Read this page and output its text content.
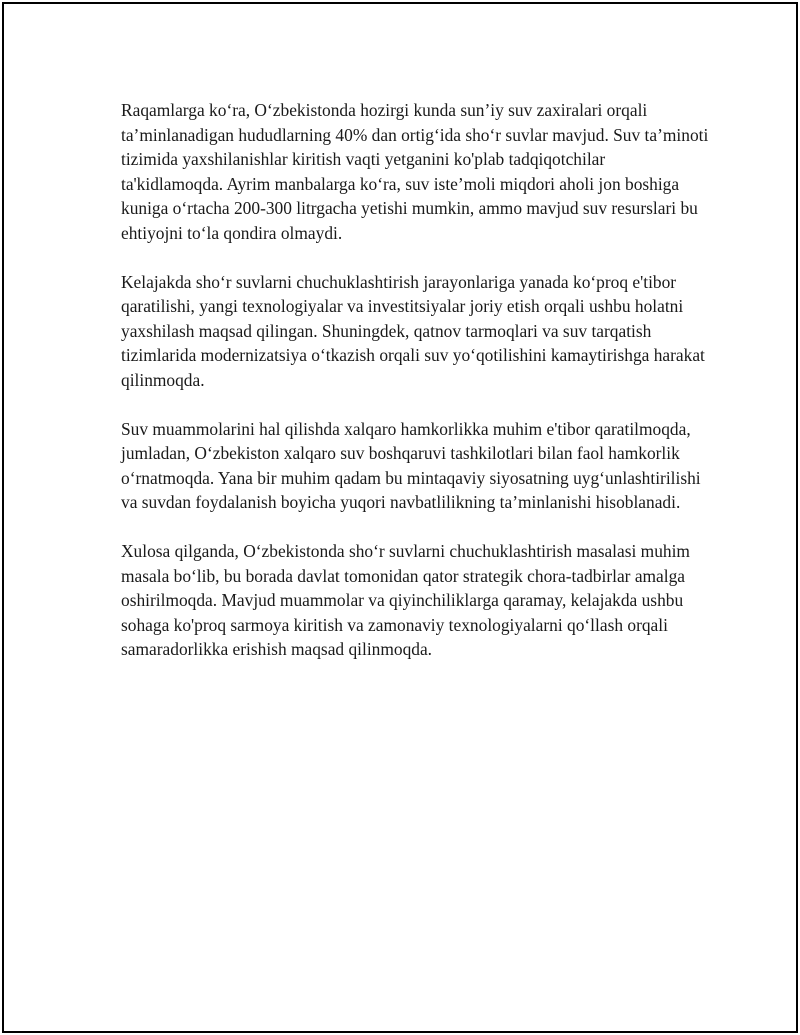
Raqamlarga ko‘ra, O‘zbekistonda hozirgi kunda sun’iy suv zaxiralari orqali ta’minlanadigan hududlarning 40% dan ortig‘ida sho‘r suvlar mavjud. Suv ta’minoti tizimida yaxshilanishlar kiritish vaqti yetganini ko'plab tadqiqotchilar ta'kidlamoqda. Ayrim manbalarga ko‘ra, suv iste’moli miqdori aholi jon boshiga kuniga o‘rtacha 200-300 litrgacha yetishi mumkin, ammo mavjud suv resurslari bu ehtiyojni to‘la qondira olmaydi.

Kelajakda sho‘r suvlarni chuchuklashtirish jarayonlariga yanada ko‘proq e'tibor qaratilishi, yangi texnologiyalar va investitsiyalar joriy etish orqali ushbu holatni yaxshilash maqsad qilingan. Shuningdek, qatnov tarmoqlari va suv tarqatish tizimlarida modernizatsiya o‘tkazish orqali suv yo‘qotilishini kamaytirishga harakat qilinmoqda.

Suv muammolarini hal qilishda xalqaro hamkorlikka muhim e'tibor qaratilmoqda, jumladan, O‘zbekiston xalqaro suv boshqaruvi tashkilotlari bilan faol hamkorlik o‘rnatmoqda. Yana bir muhim qadam bu mintaqaviy siyosatning uyg‘unlashtirilishi va suvdan foydalanish boyicha yuqori navbatlilikning ta’minlanishi hisoblanadi.

Xulosa qilganda, O‘zbekistonda sho‘r suvlarni chuchuklashtirish masalasi muhim masala bo‘lib, bu borada davlat tomonidan qator strategik chora-tadbirlar amalga oshirilmoqda. Mavjud muammolar va qiyinchiliklarga qaramay, kelajakda ushbu sohaga ko'proq sarmoya kiritish va zamonaviy texnologiyalarni qo‘llash orqali samaradorlikka erishish maqsad qilinmoqda.
